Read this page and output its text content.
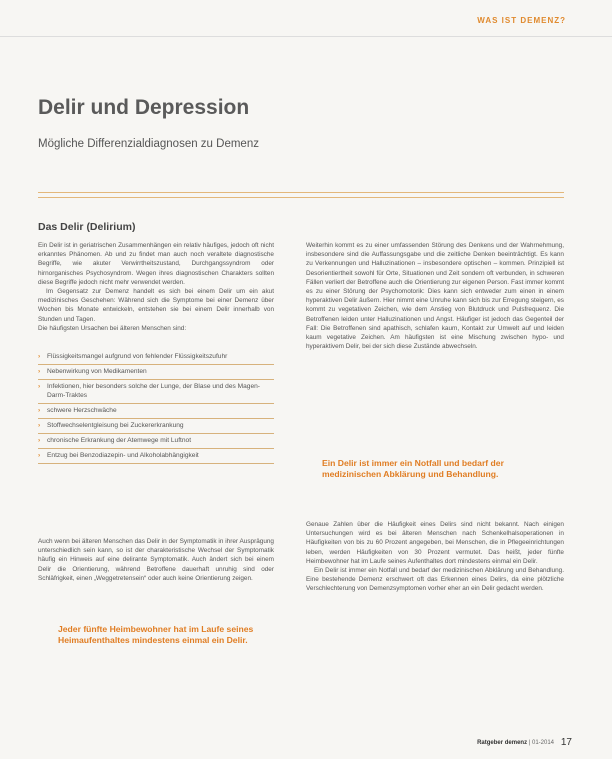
WAS IST DEMENZ?
Delir und Depression
Mögliche Differenzialdiagnosen zu Demenz
Das Delir (Delirium)

Ein Delir ist in geriatrischen Zusammenhängen ein relativ häufiges, jedoch oft nicht erkanntes Phänomen. Ab und zu findet man auch noch veraltete diagnostische Begriffe, wie akuter Verwirrtheitszustand, Durchgangssyndrom oder hirnorganisches Psychosyndrom. Wegen ihres diagnostischen Charakters sollten diese Begriffe jedoch nicht mehr verwendet werden.

Im Gegensatz zur Demenz handelt es sich bei einem Delir um ein akut medizinisches Geschehen: Während sich die Symptome bei einer Demenz über Wochen bis Monate entwickeln, entstehen sie bei einem Delir innerhalb von Stunden und Tagen.

Die häufigsten Ursachen bei älteren Menschen sind:

› Flüssigkeitsmangel aufgrund von fehlender Flüssigkeitszufuhr
› Nebenwirkung von Medikamenten
› Infektionen, hier besonders solche der Lunge, der Blase und des Magen-Darm-Traktes
› schwere Herzschwäche
› Stoffwechselentgleisung bei Zuckererkrankung
› chronische Erkrankung der Atemwege mit Luftnot
› Entzug bei Benzodiazepin- und Alkoholabhängigkeit

Auch wenn bei älteren Menschen das Delir in der Symptomatik in ihrer Ausprägung unterschiedlich sein kann, so ist der charakteristische Wechsel der Symptomatik häufig ein Hinweis auf eine delirante Symptomatik. Auch ändert sich bei einem Delir die Orientierung, während Betroffene dauerhaft unruhig sind oder Schläfrigkeit, einen „Weggetretensein“ oder auch keine Orientierung zeigen.

Jeder fünfte Heimbewohner hat im Laufe seines Heimaufenthaltes mindestens einmal ein Delir.

Weiterhin kommt es zu einer umfassenden Störung des Denkens und der Wahrnehmung, insbesondere sind die Auffassungsgabe und die zeitliche Denken beeinträchtigt. Es kann zu Verkennungen und Halluzinationen – insbesondere optischen – kommen. Prinzipiell ist Desorientiertheit sowohl für Orte, Situationen und Zeit sondern oft verbunden, in schweren Fällen verliert der Betroffene auch die Orientierung zur eigenen Person. Fast immer kommt es zu einer Störung der Psychomotorik: Dies kann sich entweder zum einen in einem hyperaktiven Delir äußern. Hier nimmt eine Unruhe kann sich bis zur Erregung steigern, es kommt zu vegetativen Zeichen, wie dem Anstieg von Blutdruck und Pulsfrequenz. Die Betroffenen leiden unter Halluzinationen und Angst. Häufiger ist jedoch das Gegenteil der Fall: Die Betroffenen sind apathisch, schlafen kaum, Kontakt zur Umwelt auf und leiden kaum vegetative Zeichen. Am häufigsten ist eine Mischung zwischen hypo- und hyperaktivem Delir, bei der sich diese Zustände abwechseln.

Ein Delir ist immer ein Notfall und bedarf der medizinischen Abklärung und Behandlung.

Genaue Zahlen über die Häufigkeit eines Delirs sind nicht bekannt. Nach einigen Untersuchungen wird es bei älteren Menschen nach Schenkelhalsoperationen in Häufigkeiten von bis zu 60 Prozent angegeben, bei Menschen, die in Pflegeeinrichtungen leben, werden Häufigkeiten von 30 Prozent vermutet. Das heißt, jeder fünfte Heimbewohner hat im Laufe seines Aufenthaltes dort mindestens einmal ein Delir.

Ein Delir ist immer ein Notfall und bedarf der medizinischen Abklärung und Behandlung. Eine bestehende Demenz erschwert oft das Erkennen eines Delirs, da eine plötzliche Verschlechterung von Demenzsymptomen vorher eher an ein Delir gedacht werden.

Ratgeber demenz | 01-2014 17
